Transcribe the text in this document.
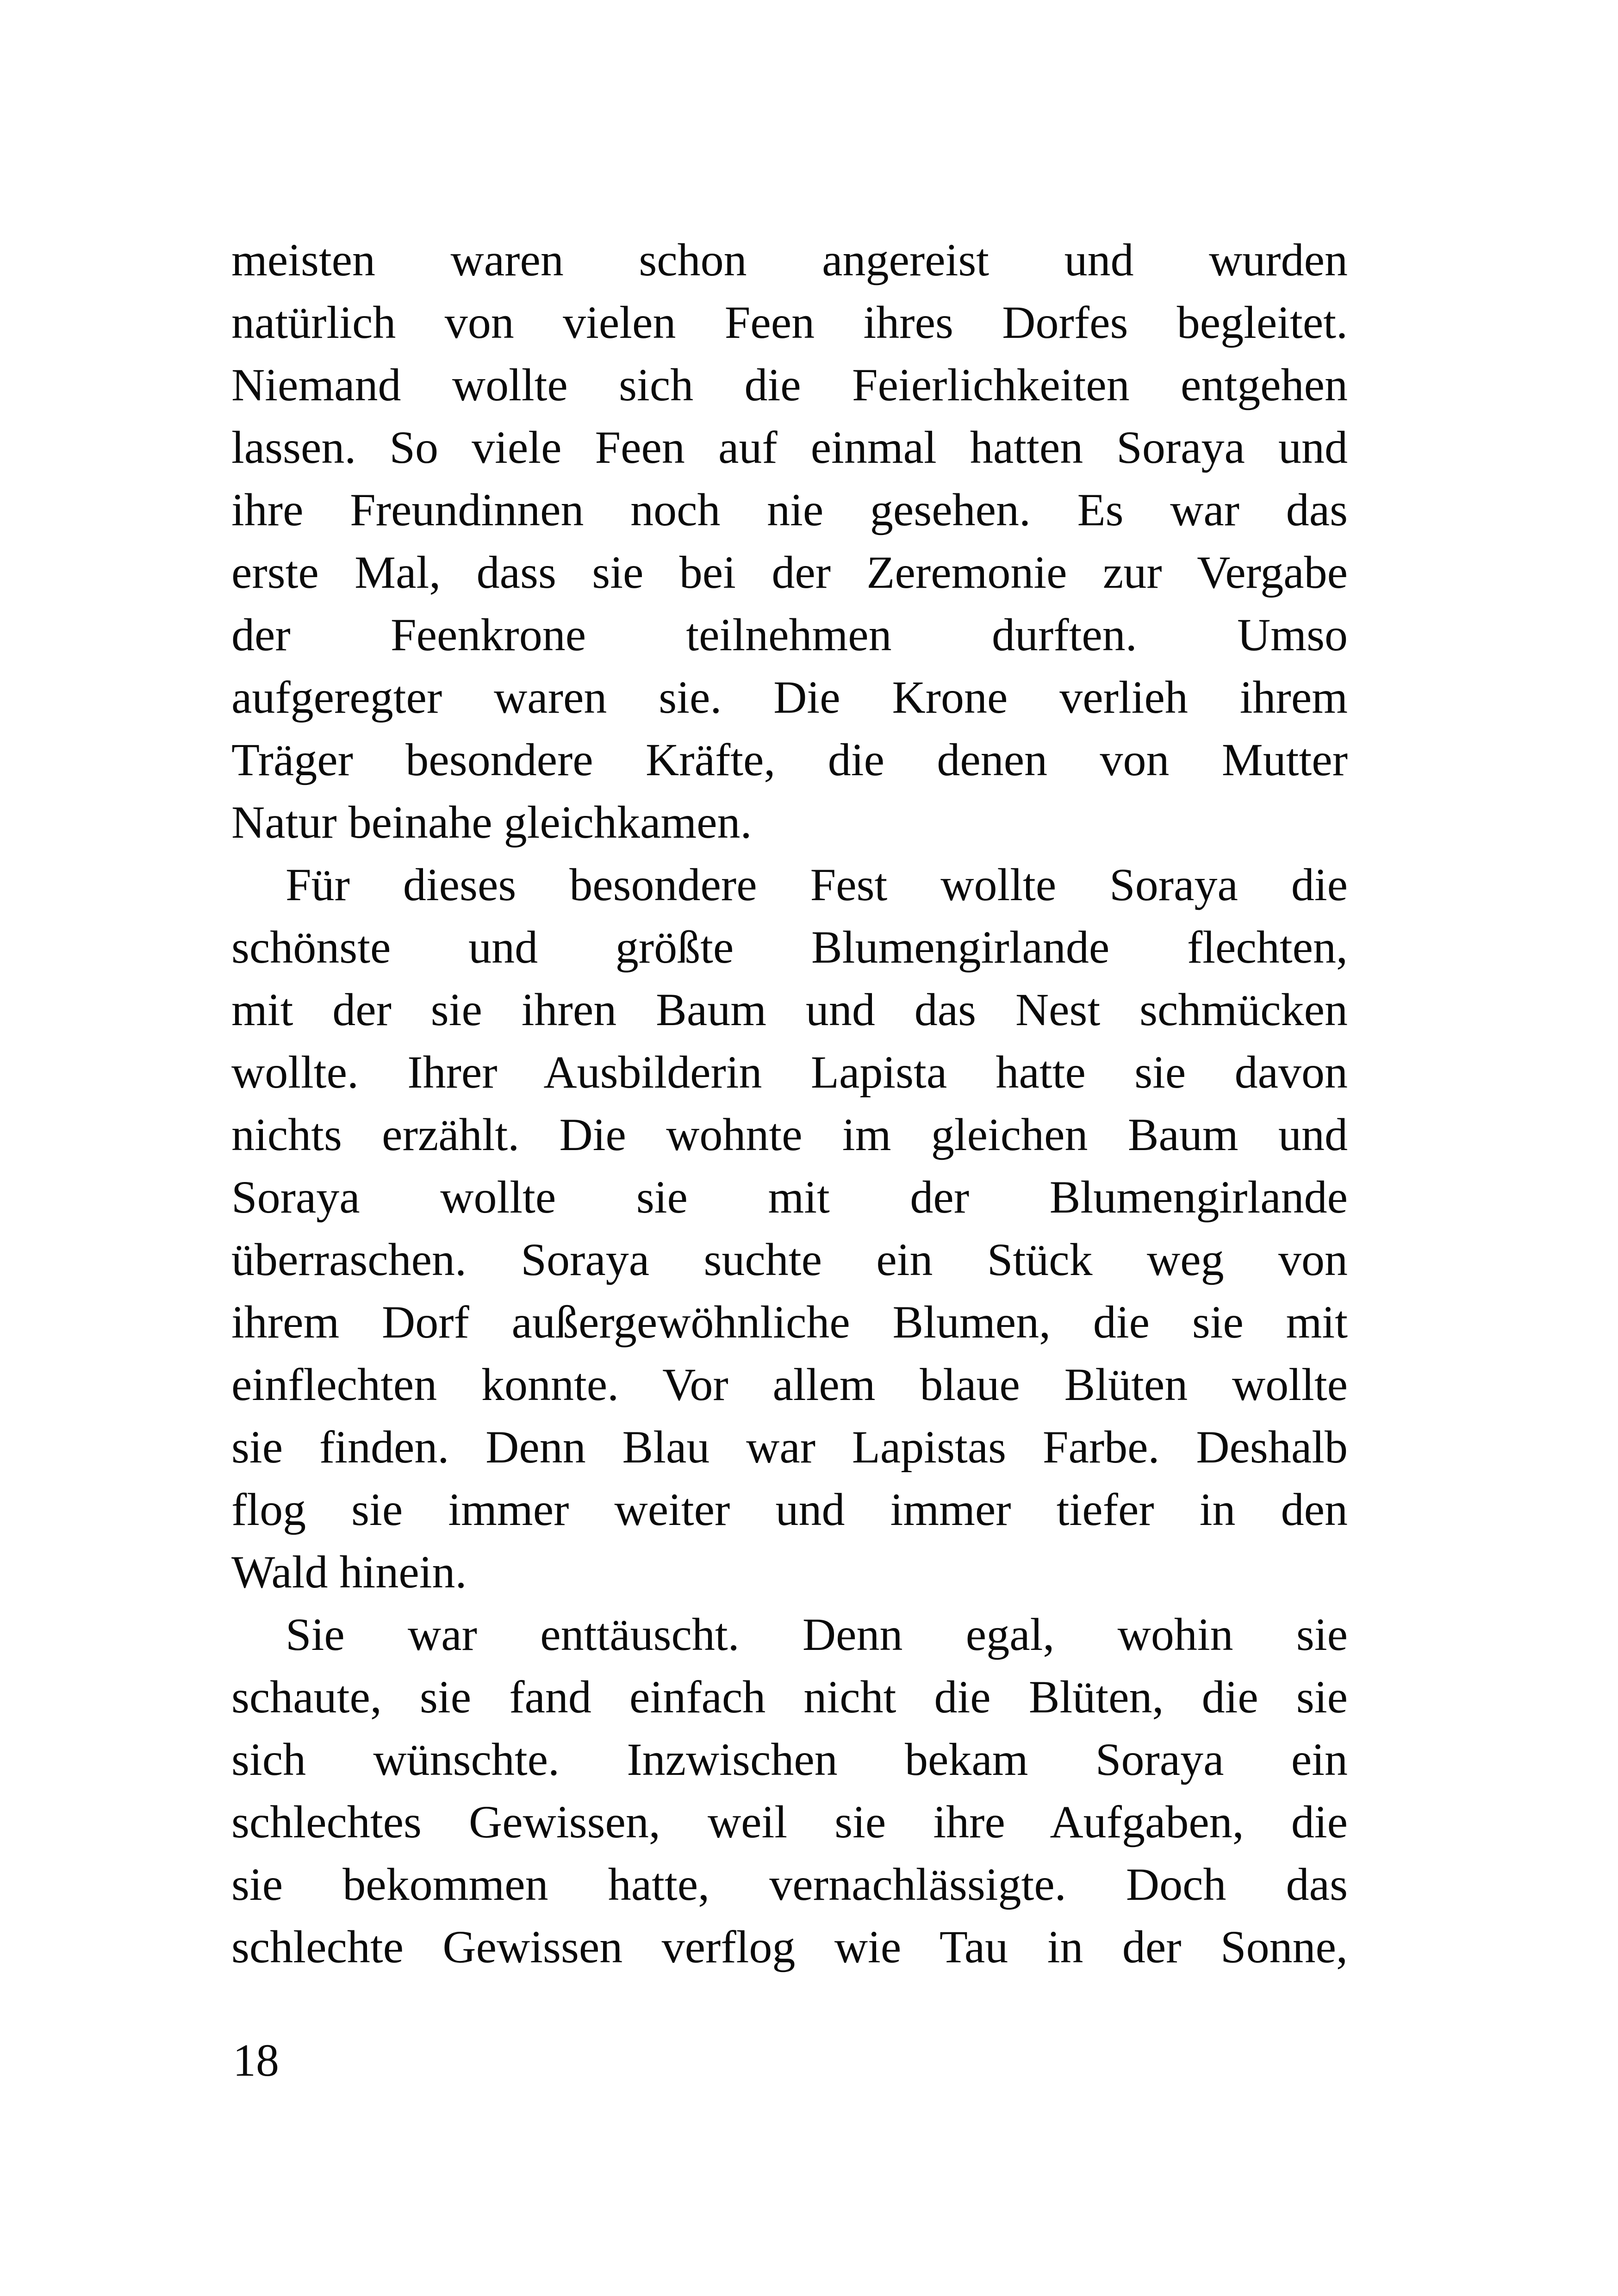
meisten waren schon angereist und wurden
natürlich von vielen Feen ihres Dorfes begleitet.
Niemand wollte sich die Feierlichkeiten entgehen
lassen. So viele Feen auf einmal hatten Soraya und
ihre Freundinnen noch nie gesehen. Es war das
erste Mal, dass sie bei der Zeremonie zur Vergabe
der Feenkrone teilnehmen durften. Umso
aufgeregter waren sie. Die Krone verlieh ihrem
Träger besondere Kräfte, die denen von Mutter
Natur beinahe gleichkamen.
Für dieses besondere Fest wollte Soraya die
schönste und größte Blumengirlande flechten,
mit der sie ihren Baum und das Nest schmücken
wollte. Ihrer Ausbilderin Lapista hatte sie davon
nichts erzählt. Die wohnte im gleichen Baum und
Soraya wollte sie mit der Blumengirlande
überraschen. Soraya suchte ein Stück weg von
ihrem Dorf außergewöhnliche Blumen, die sie mit
einflechten konnte. Vor allem blaue Blüten wollte
sie finden. Denn Blau war Lapistas Farbe. Deshalb
flog sie immer weiter und immer tiefer in den
Wald hinein.
Sie war enttäuscht. Denn egal, wohin sie
schaute, sie fand einfach nicht die Blüten, die sie
sich wünschte. Inzwischen bekam Soraya ein
schlechtes Gewissen, weil sie ihre Aufgaben, die
sie bekommen hatte, vernachlässigte. Doch das
schlechte Gewissen verflog wie Tau in der Sonne,
18
